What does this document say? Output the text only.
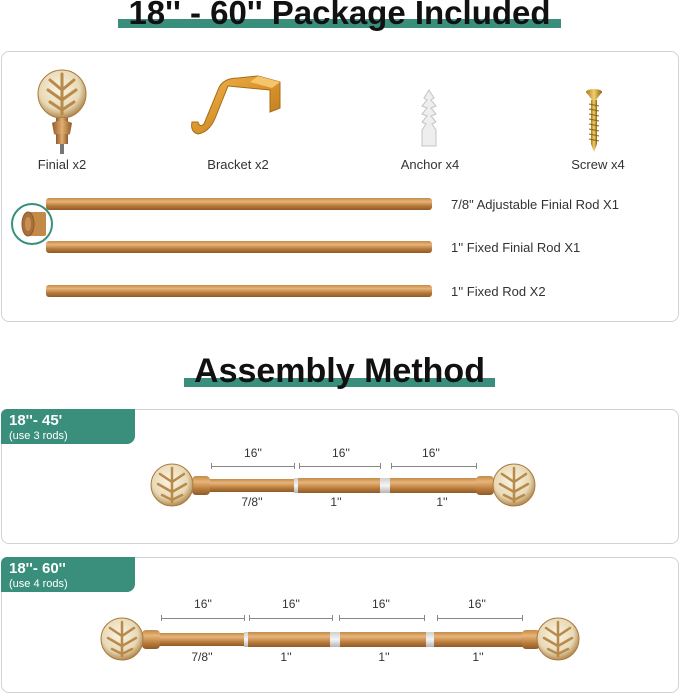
18'' - 60'' Package Included
Finial x2	Bracket x2	Anchor x4	Screw x4
7/8" Adjustable Finial Rod X1
1'' Fixed Finial Rod X1
1'' Fixed Rod X2
Assembly Method
18''- 45'
(use 3 rods)
16''	16''	16''
7/8''	1''	1''
18''- 60''
(use 4 rods)
16''	16''	16''	16''
7/8''	1''	1''	1''
